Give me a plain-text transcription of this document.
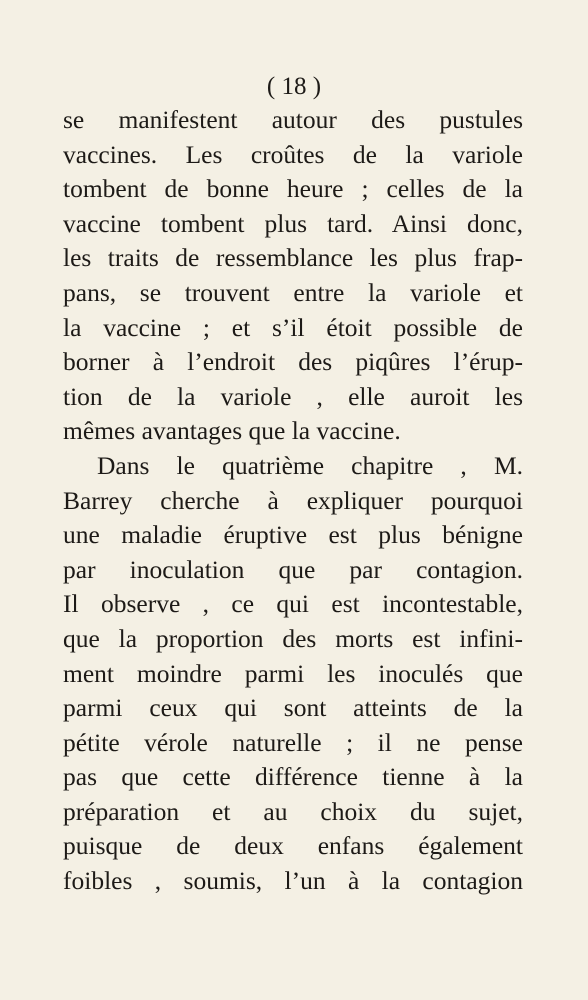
( 18 )
se manifestent autour des pustules
vaccines. Les croûtes de la variole
tombent de bonne heure ; celles de la
vaccine tombent plus tard. Ainsi donc,
les traits de ressemblance les plus frap-
pans, se trouvent entre la variole et
la vaccine ; et s’il étoit possible de
borner à l’endroit des piqûres l’érup-
tion de la variole , elle auroit les
mêmes avantages que la vaccine.
Dans le quatrième chapitre , M.
Barrey cherche à expliquer pourquoi
une maladie éruptive est plus bénigne
par inoculation que par contagion.
Il observe , ce qui est incontestable,
que la proportion des morts est infini-
ment moindre parmi les inoculés que
parmi ceux qui sont atteints de la
pétite vérole naturelle ; il ne pense
pas que cette différence tienne à la
préparation et au choix du sujet,
puisque de deux enfans également
foibles , soumis, l’un à la contagion
